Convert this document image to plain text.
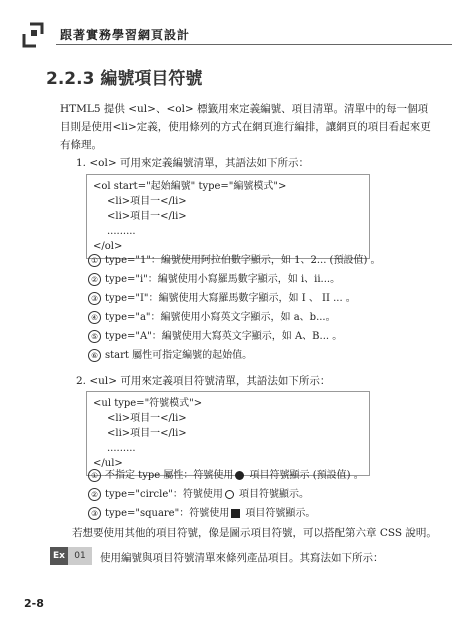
跟著實務學習網頁設計
2.2.3 編號項目符號
HTML5 提供 <ul>、<ol> 標籤用來定義編號、項目清單。清單中的每一個項
目則是使用<li>定義，使用條列的方式在網頁進行編排，讓網頁的項目看起來更
有條理。
1. <ol> 可用來定義編號清單，其語法如下所示：
<ol start="起始編號" type="編號模式">
<li>項目一</li>
<li>項目一</li>
.........
</ol>
① type="1"：編號使用阿拉伯數字顯示，如 1、2... (預設值) 。
② type="i"：編號使用小寫羅馬數字顯示，如 i、ii...。
③ type="I"：編號使用大寫羅馬數字顯示，如 I 、 II ... 。
④ type="a"：編號使用小寫英文字顯示，如 a、b...。
⑤ type="A"：編號使用大寫英文字顯示，如 A、B... 。
⑥ start 屬性可指定編號的起始值。
2. <ul> 可用來定義項目符號清單，其語法如下所示：
<ul type="符號模式">
<li>項目一</li>
<li>項目一</li>
.........
</ul>
① 不指定 type 屬性：符號使用 項目符號顯示 (預設值) 。
② type="circle"：符號使用 項目符號顯示。
③ type="square"：符號使用 項目符號顯示。
若想要使用其他的項目符號，像是圖示項目符號，可以搭配第六章 CSS 說明。
Ex	01	使用編號與項目符號清單來條列產品項目。其寫法如下所示：
2-8
